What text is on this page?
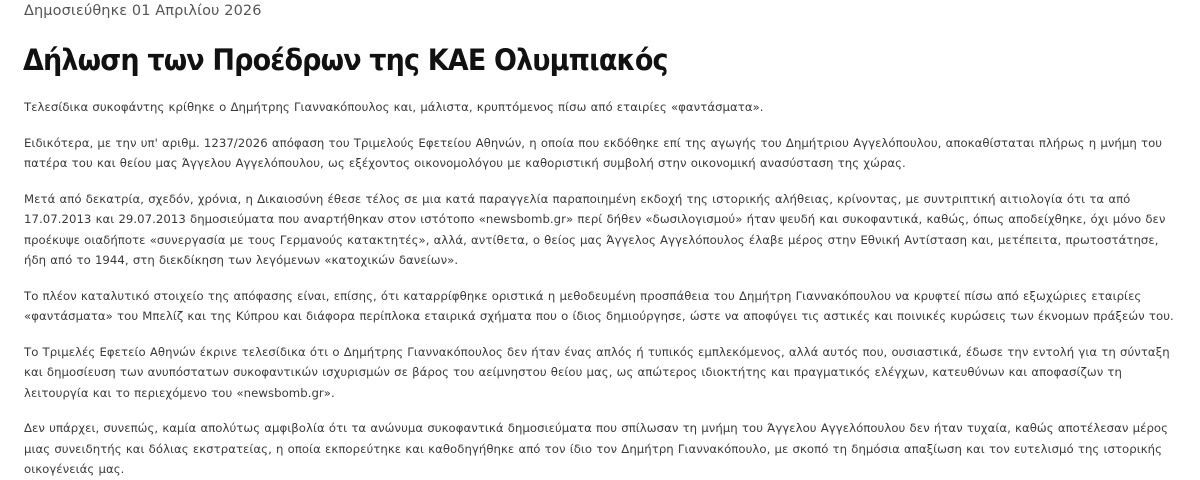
Δημοσιεύθηκε 01 Απριλίου 2026
Δήλωση των Προέδρων της ΚΑΕ Ολυμπιακός

Τελεσίδικα συκοφάντης κρίθηκε ο Δημήτρης Γιαννακόπουλος και, μάλιστα, κρυπτόμενος πίσω από εταιρίες «φαντάσματα».

Ειδικότερα, με την υπ' αριθμ. 1237/2026 απόφαση του Τριμελούς Εφετείου Αθηνών, η οποία που εκδόθηκε επί της αγωγής του Δημήτριου Αγγελόπουλου, αποκαθίσταται πλήρως η μνήμη του πατέρα του και θείου μας Άγγελου Αγγελόπουλου, ως εξέχοντος οικονομολόγου με καθοριστική συμβολή στην οικονομική ανασύσταση της χώρας.

Μετά από δεκατρία, σχεδόν, χρόνια, η Δικαιοσύνη έθεσε τέλος σε μια κατά παραγγελία παραποιημένη εκδοχή της ιστορικής αλήθειας, κρίνοντας, με συντριπτική αιτιολογία ότι τα από 17.07.2013 και 29.07.2013 δημοσιεύματα που αναρτήθηκαν στον ιστότοπο «newsbomb.gr» περί δήθεν «δωσιλογισμού» ήταν ψευδή και συκοφαντικά, καθώς, όπως αποδείχθηκε, όχι μόνο δεν προέκυψε οιαδήποτε «συνεργασία με τους Γερμανούς κατακτητές», αλλά, αντίθετα, ο θείος μας Άγγελος Αγγελόπουλος έλαβε μέρος στην Εθνική Αντίσταση και, μετέπειτα, πρωτοστάτησε, ήδη από το 1944, στη διεκδίκηση των λεγόμενων «κατοχικών δανείων».

Το πλέον καταλυτικό στοιχείο της απόφασης είναι, επίσης, ότι καταρρίφθηκε οριστικά η μεθοδευμένη προσπάθεια του Δημήτρη Γιαννακόπουλου να κρυφτεί πίσω από εξωχώριες εταιρίες «φαντάσματα» του Μπελίζ και της Κύπρου και διάφορα περίπλοκα εταιρικά σχήματα που ο ίδιος δημιούργησε, ώστε να αποφύγει τις αστικές και ποινικές κυρώσεις των έκνομων πράξεών του.

Το Τριμελές Εφετείο Αθηνών έκρινε τελεσίδικα ότι ο Δημήτρης Γιαννακόπουλος δεν ήταν ένας απλός ή τυπικός εμπλεκόμενος, αλλά αυτός που, ουσιαστικά, έδωσε την εντολή για τη σύνταξη και δημοσίευση των ανυπόστατων συκοφαντικών ισχυρισμών σε βάρος του αείμνηστου θείου μας, ως απώτερος ιδιοκτήτης και πραγματικός ελέγχων, κατευθύνων και αποφασίζων τη λειτουργία και το περιεχόμενο του «newsbomb.gr».

Δεν υπάρχει, συνεπώς, καμία απολύτως αμφιβολία ότι τα ανώνυμα συκοφαντικά δημοσιεύματα που σπίλωσαν τη μνήμη του Άγγελου Αγγελόπουλου δεν ήταν τυχαία, καθώς αποτέλεσαν μέρος μιας συνειδητής και δόλιας εκστρατείας, η οποία εκπορεύτηκε και καθοδηγήθηκε από τον ίδιο τον Δημήτρη Γιαννακόπουλο, με σκοπό τη δημόσια απαξίωση και τον ευτελισμό της ιστορικής οικογένειάς μας.
